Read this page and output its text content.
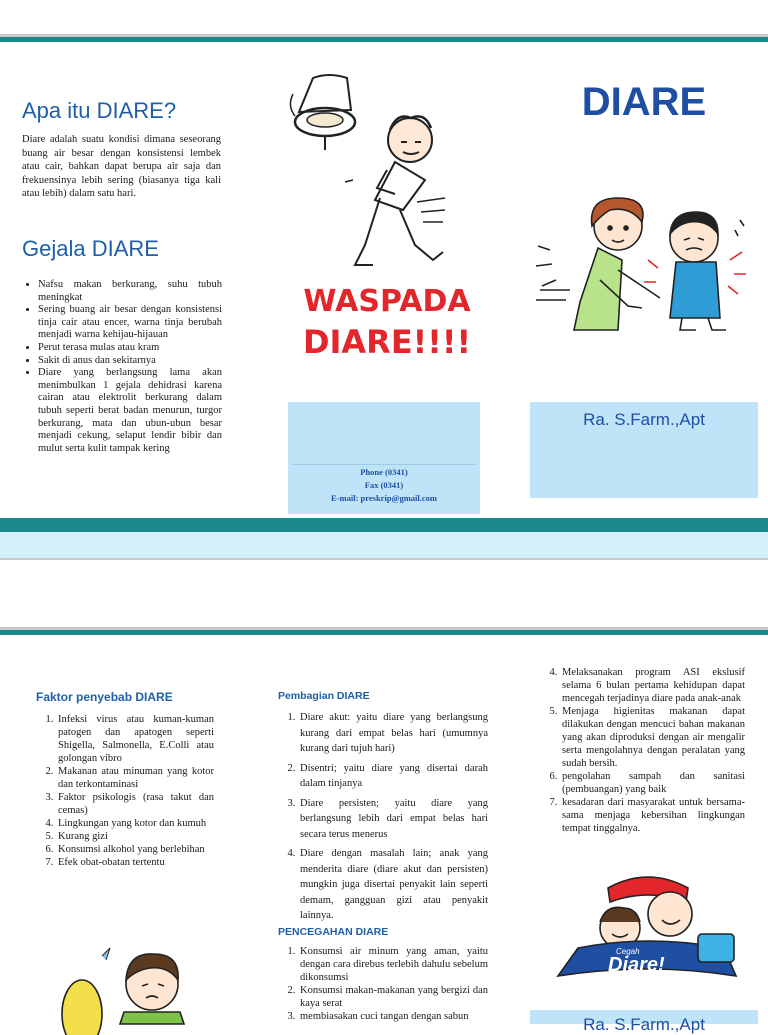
Apa itu DIARE?

Diare adalah suatu kondisi dimana seseorang buang air besar dengan konsistensi lembek atau cair, bahkan dapat berupa air saja dan frekuensinya lebih sering (biasanya tiga kali atau lebih) dalam satu hari.

Gejala DIARE
• Nafsu makan berkurang, suhu tubuh meningkat
• Sering buang air besar dengan konsistensi tinja cair atau encer, warna tinja berubah menjadi warna kehijau-hijauan
• Perut terasa mulas atau kram
• Sakit di anus dan sekitarnya
• Diare yang berlangsung lama akan menimbulkan 1 gejala dehidrasi karena cairan atau elektrolit berkurang dalam tubuh seperti berat badan menurun, turgor berkurang, mata dan ubun-ubun besar menjadi cekung, selaput lendir bibir dan mulut serta kulit tampak kering
WASPADA
DIARE!!!!
Phone (0341)
Fax (0341)
E-mail: preskrip@gmail.com
DIARE
Ra. S.Farm.,Apt
Faktor penyebab DIARE
1. Infeksi virus atau kuman-kuman patogen dan apatogen seperti Shigella, Salmonella, E.Colli atau golongan vibro
2. Makanan atau minuman yang kotor dan terkontaminasi
3. Faktor psikologis (rasa takut dan cemas)
4. Lingkungan yang kotor dan kumuh
5. Kurang gizi
6. Konsumsi alkohol yang berlebihan
7. Efek obat-obatan tertentu
Pembagian DIARE
1. Diare akut: yaitu diare yang berlangsung kurang dari empat belas hari (umumnya kurang dari tujuh hari)
2. Disentri; yaitu diare yang disertai darah dalam tinjanya
3. Diare persisten; yaitu diare yang berlangsung lebih dari empat belas hari secara terus menerus
4. Diare dengan masalah lain; anak yang menderita diare (diare akut dan persisten) mungkin juga disertai penyakit lain seperti demam, gangguan gizi atau penyakit lainnya.
PENCEGAHAN DIARE
1. Konsumsi air minum yang aman, yaitu dengan cara direbus terlebih dahulu sebelum dikonsumsi
2. Konsumsi makan-makanan yang bergizi dan kaya serat
3. membiasakan cuci tangan dengan sabun
4. Melaksanakan program ASI ekslusif selama 6 bulan pertama kehidupan dapat mencegah terjadinya diare pada anak-anak
5. Menjaga higienitas makanan dapat dilakukan dengan mencuci bahan makanan yang akan diproduksi dengan air mengalir serta mengolahnya dengan peralatan yang sudah bersih.
6. pengolahan sampah dan sanitasi (pembuangan) yang baik
7. kesadaran dari masyarakat untuk bersama-sama menjaga kebersihan lingkungan tempat tinggalnya.
Cegah
Diare!
Ra. S.Farm.,Apt
